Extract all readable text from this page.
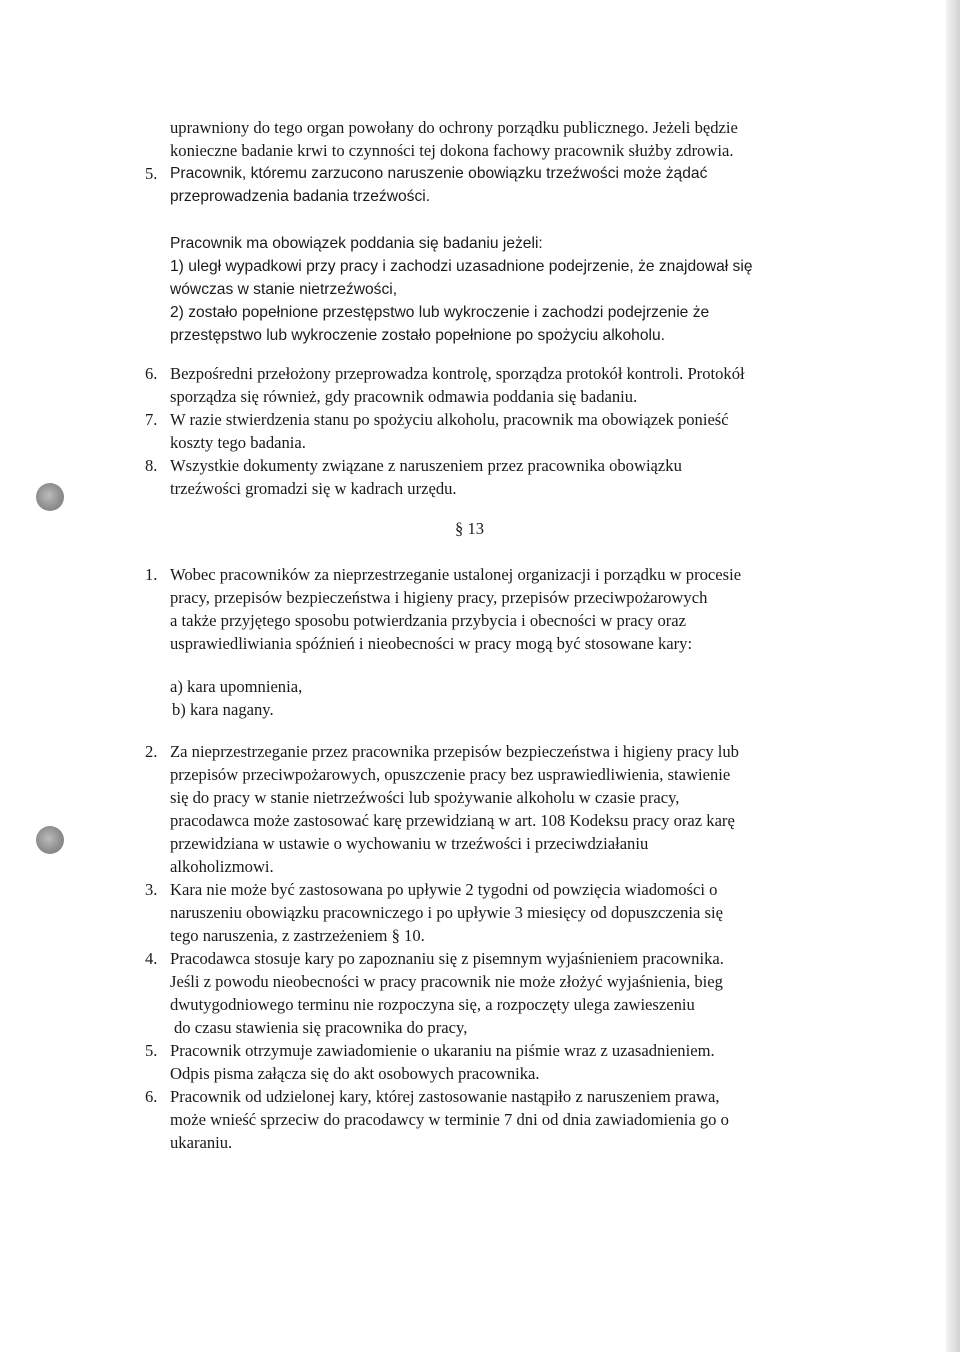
uprawniony do tego organ powołany do ochrony porządku publicznego. Jeżeli będzie
konieczne badanie krwi to czynności tej dokona fachowy pracownik służby zdrowia.
5. Pracownik, któremu zarzucono naruszenie obowiązku trzeźwości może żądać
przeprowadzenia badania trzeźwości.
Pracownik ma obowiązek poddania się badaniu jeżeli:
1) uległ wypadkowi przy pracy i zachodzi uzasadnione podejrzenie, że znajdował się
wówczas w stanie nietrzeźwości,
2) zostało popełnione przestępstwo lub wykroczenie i zachodzi podejrzenie że
przestępstwo lub wykroczenie zostało popełnione po spożyciu alkoholu.
6. Bezpośredni przełożony przeprowadza kontrolę, sporządza protokół kontroli. Protokół
sporządza się również, gdy pracownik odmawia poddania się badaniu.
7. W razie stwierdzenia stanu po spożyciu alkoholu, pracownik ma obowiązek ponieść
koszty tego badania.
8. Wszystkie dokumenty związane z naruszeniem przez pracownika obowiązku
trzeźwości gromadzi się w kadrach urzędu.
§ 13
1. Wobec pracowników za nieprzestrzeganie ustalonej organizacji i porządku w procesie
pracy, przepisów bezpieczeństwa i higieny pracy, przepisów przeciwpożarowych
a także przyjętego sposobu potwierdzania przybycia i obecności w pracy oraz
usprawiedliwiania spóźnień i nieobecności w pracy mogą być stosowane kary:
a) kara upomnienia,
b) kara nagany.
2. Za nieprzestrzeganie przez pracownika przepisów bezpieczeństwa i higieny pracy lub
przepisów przeciwpożarowych, opuszczenie pracy bez usprawiedliwienia, stawienie
się do pracy w stanie nietrzeźwości lub spożywanie alkoholu w czasie pracy,
pracodawca może zastosować karę przewidzianą w art. 108 Kodeksu pracy oraz karę
przewidziana w ustawie o wychowaniu w trzeźwości i przeciwdziałaniu
alkoholizmowi.
3. Kara nie może być zastosowana po upływie 2 tygodni od powzięcia wiadomości o
naruszeniu obowiązku pracowniczego i po upływie 3 miesięcy od dopuszczenia się
tego naruszenia, z zastrzeżeniem § 10.
4. Pracodawca stosuje kary po zapoznaniu się z pisemnym wyjaśnieniem pracownika.
Jeśli z powodu nieobecności w pracy pracownik nie może złożyć wyjaśnienia, bieg
dwutygodniowego terminu nie rozpoczyna się, a rozpoczęty ulega zawieszeniu
do czasu stawienia się pracownika do pracy,
5. Pracownik otrzymuje zawiadomienie o ukaraniu na piśmie wraz z uzasadnieniem.
Odpis pisma załącza się do akt osobowych pracownika.
6. Pracownik od udzielonej kary, której zastosowanie nastąpiło z naruszeniem prawa,
może wnieść sprzeciw do pracodawcy w terminie 7 dni od dnia zawiadomienia go o
ukaraniu.
